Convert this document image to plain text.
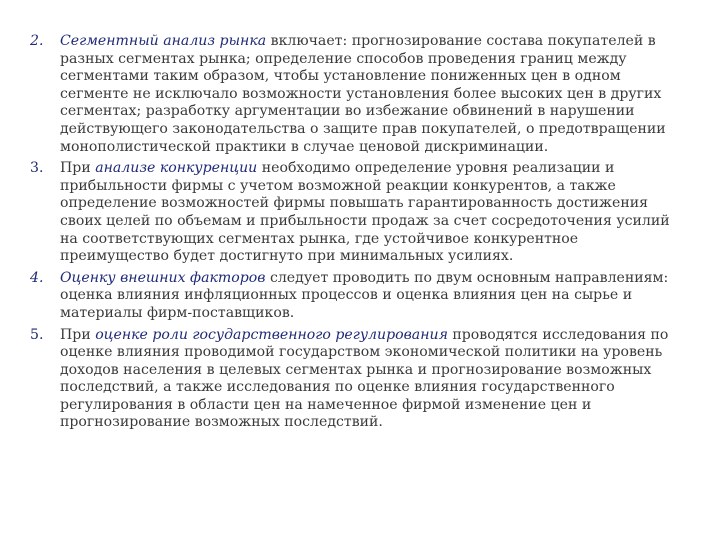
2.	Сегментный анализ рынка включает: прогнозирование состава покупателей в разных сегментах рынка; определение способов проведения границ между сегментами таким образом, чтобы установление пониженных цен в одном сегменте не исключало возможности установления более высоких цен в других сегментах; разработку аргументации во избежание обвинений в нарушении действующего законодательства о защите прав покупателей, о предотвращении монополистической практики в случае ценовой дискриминации.
3.	При анализе конкуренции необходимо определение уровня реализации и прибыльности фирмы с учетом возможной реакции конкурентов, а также определение возможностей фирмы повышать гарантированность достижения своих целей по объемам и прибыльности продаж за счет сосредоточения усилий на соответствующих сегментах рынка, где устойчивое конкурентное преимущество будет достигнуто при минимальных усилиях.
4.	Оценку внешних факторов следует проводить по двум основным направлениям: оценка влияния инфляционных процессов и оценка влияния цен на сырье и материалы фирм-поставщиков.
5.	При оценке роли государственного регулирования проводятся исследования по оценке влияния проводимой государством экономической политики на уровень доходов населения в целевых сегментах рынка и прогнозирование возможных последствий, а также исследования по оценке влияния государственного регулирования в области цен на намеченное фирмой изменение цен и прогнозирование возможных последствий.
